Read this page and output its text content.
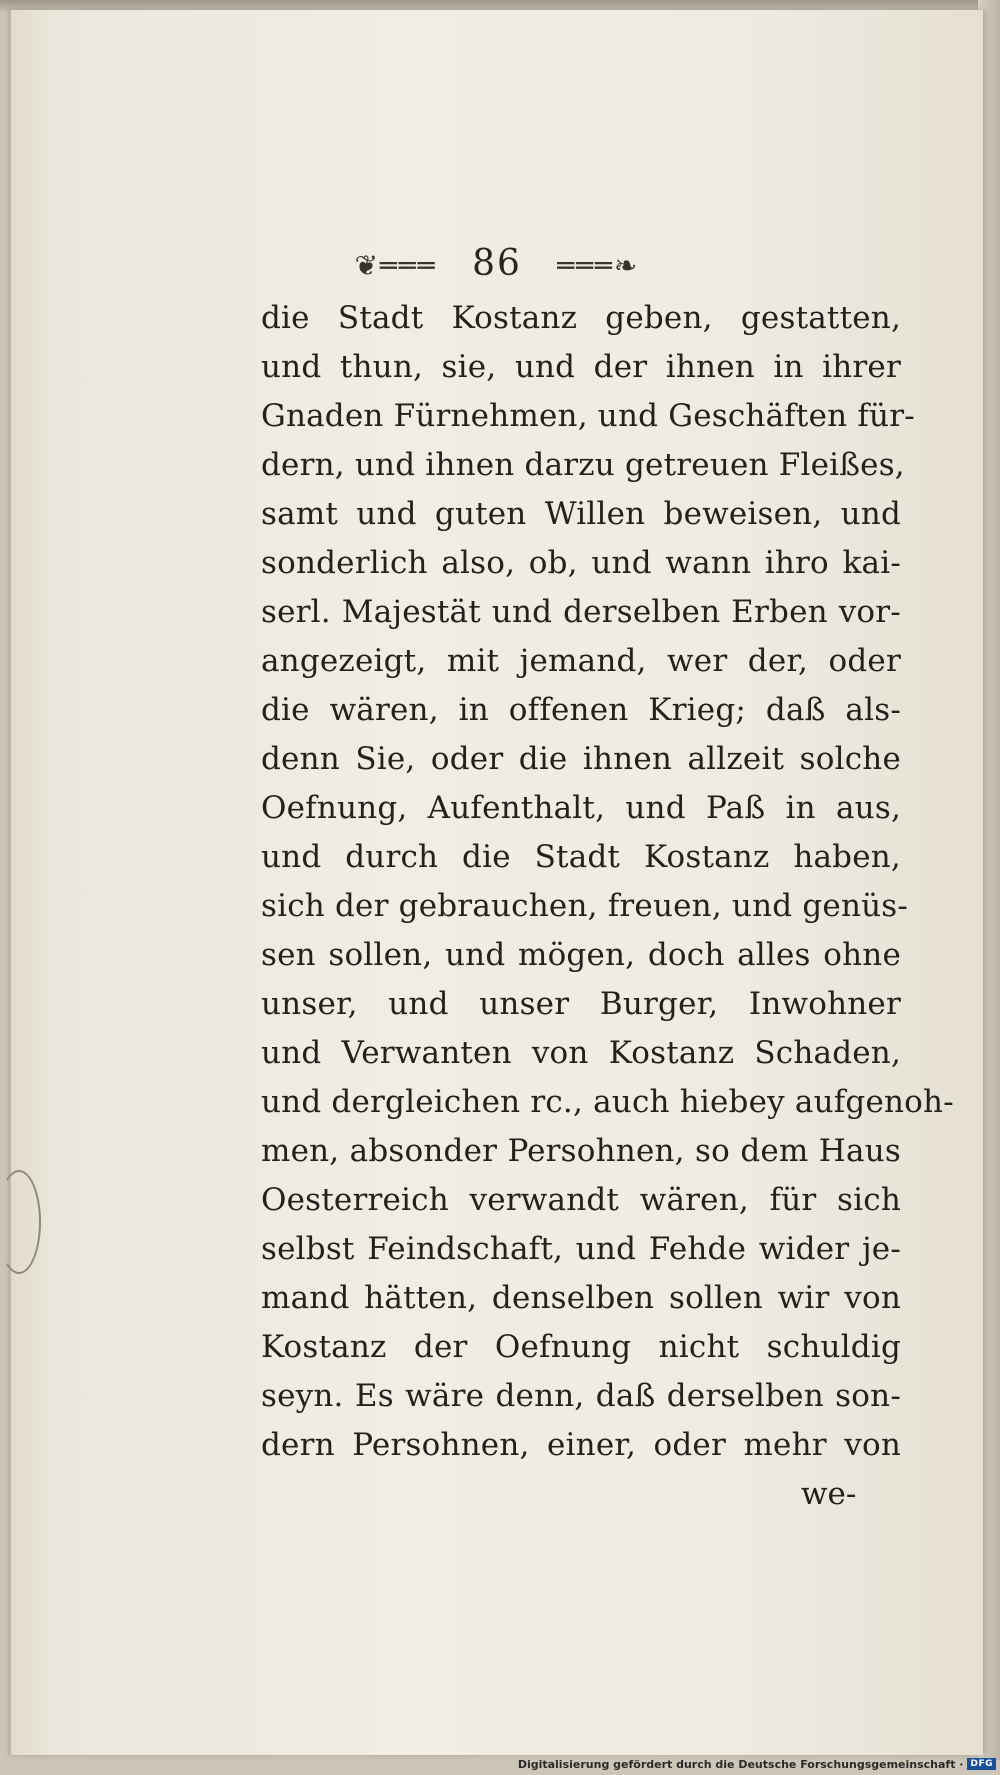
❦═══ 86 ═══❧
die Stadt Kostanz geben, gestatten,
und thun, sie, und der ihnen in ihrer
Gnaden Fürnehmen, und Geschäften für-
dern, und ihnen darzu getreuen Fleißes,
samt und guten Willen beweisen, und
sonderlich also, ob, und wann ihro kai-
serl. Majestät und derselben Erben vor-
angezeigt, mit jemand, wer der, oder
die wären, in offenen Krieg; daß als-
denn Sie, oder die ihnen allzeit solche
Oefnung, Aufenthalt, und Paß in aus,
und durch die Stadt Kostanz haben,
sich der gebrauchen, freuen, und genüs-
sen sollen, und mögen, doch alles ohne
unser, und unser Burger, Inwohner
und Verwanten von Kostanz Schaden,
und dergleichen rc., auch hiebey aufgenoh-
men, absonder Persohnen, so dem Haus
Oesterreich verwandt wären, für sich
selbst Feindschaft, und Fehde wider je-
mand hätten, denselben sollen wir von
Kostanz der Oefnung nicht schuldig
seyn. Es wäre denn, daß derselben son-
dern Persohnen, einer, oder mehr von
we-
Digitalisierung gefördert durch die Deutsche Forschungsgemeinschaft · DFG
